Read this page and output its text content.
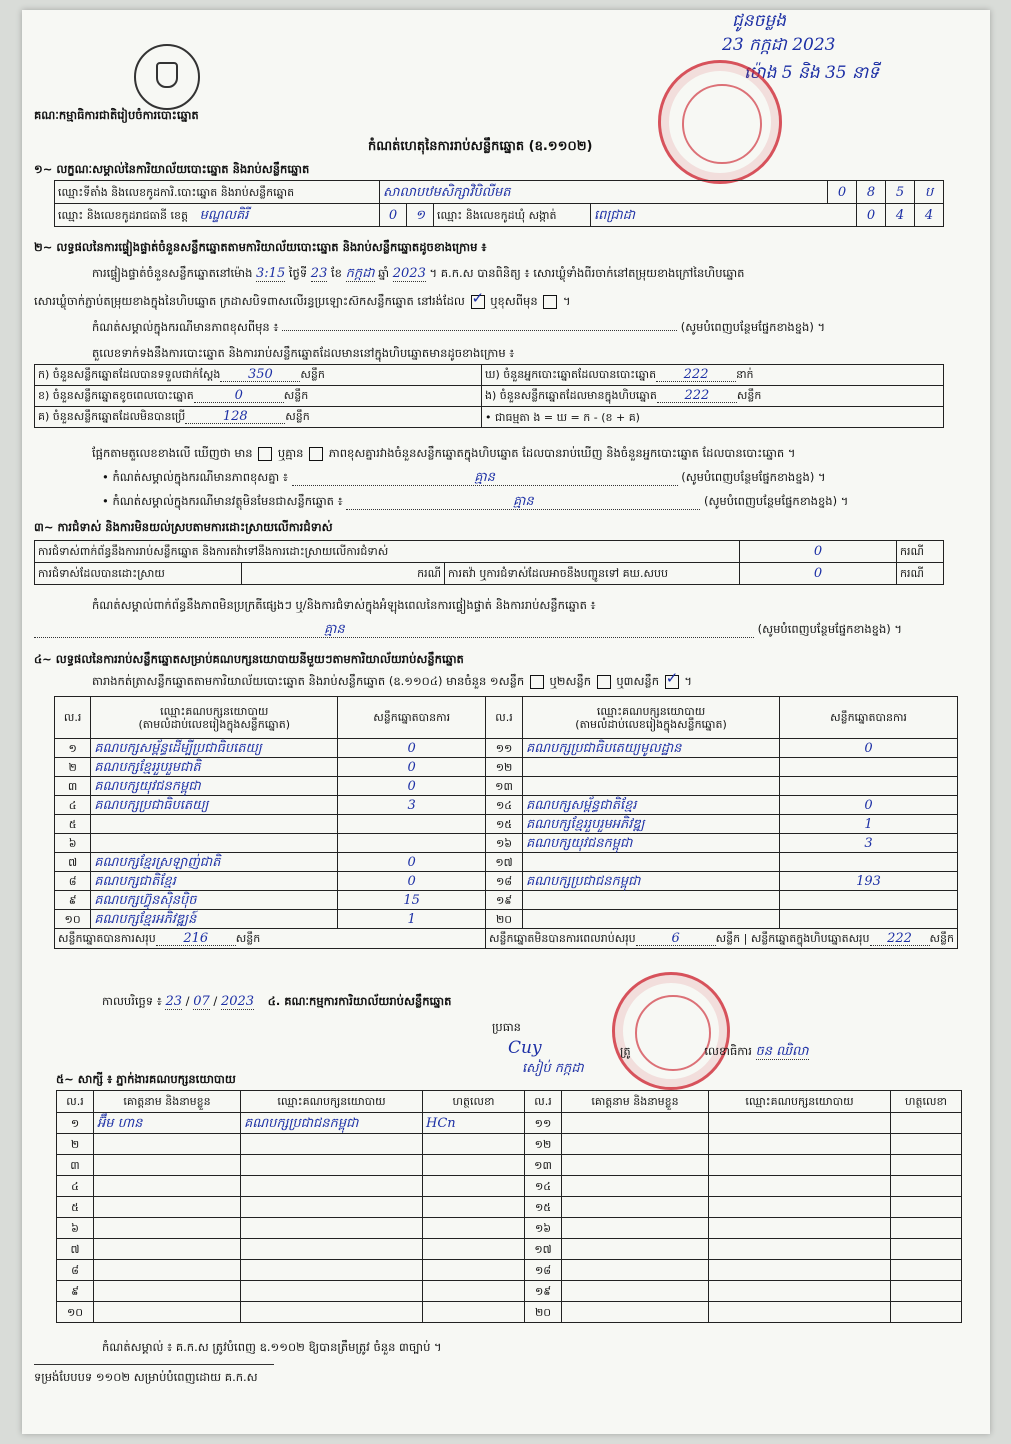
ជូនចម្លង
23 កក្កដា 2023
ម៉ោង 5 និង 35 នាទី
គណៈកម្មាធិការជាតិរៀបចំការបោះឆ្នោត
កំណត់ហេតុនៃការរាប់សន្លឹកឆ្នោត (ឧ.១១០២)
១~ លក្ខណៈសម្គាល់នៃការិយាល័យបោះឆ្នោត និងរាប់សន្លឹកឆ្នោត
ឈ្មោះទីតាំង និងលេខកូដការិ.បោះឆ្នោត និងរាប់សន្លឹកឆ្នោត	សាលាបឋមសិក្សាវិបិលីមត				0	8	5	ប
ឈ្មោះ និងលេខកូដរាជធានី ខេត្ត មណ្ឌលគិរី	0	១	ឈ្មោះ និងលេខកូដឃុំ សង្កាត់	ពេជ្រាដា		0	4	4
២~ លទ្ធផលនៃការផ្ទៀងផ្ទាត់ចំនួនសន្លឹកឆ្នោតតាមការិយាល័យបោះឆ្នោត និងរាប់សន្លឹកឆ្នោតដូចខាងក្រោម ៖
ការផ្ទៀងផ្ទាត់ចំនួនសន្លឹកឆ្នោតនៅម៉ោង 3:15 ថ្ងៃទី 23 ខែ កក្កដា ឆ្នាំ 2023 ។ គ.ក.ស បានពិនិត្យ ៖ សោរឃ្លុំទាំងពីរចាក់នៅតម្រុយខាងក្រៅនៃហិបឆ្នោត
សោរឃ្លុំចាក់ភ្ជាប់តម្រុយខាងក្នុងនៃហិបឆ្នោត ក្រដាសបិទពាសលើរន្ធប្រឡោះស៊កសន្លឹកឆ្នោត នៅរង់ដែល ✓ ឬខុសពីមុន  ។
កំណត់សម្គាល់ក្នុងករណីមានភាពខុសពីមុន ៖	(សូមបំពេញបន្ថែមផ្នែកខាងខ្នង) ។
តួលេខទាក់ទងនឹងការបោះឆ្នោត និងការរាប់សន្លឹកឆ្នោតដែលមាននៅក្នុងហិបឆ្នោតមានដូចខាងក្រោម ៖
ក) ចំនួនសន្លឹកឆ្នោតដែលបានទទួលជាក់ស្តែង 350 សន្លឹក	ឃ) ចំនួនអ្នកបោះឆ្នោតដែលបានបោះឆ្នោត 222 នាក់
ខ) ចំនួនសន្លឹកឆ្នោតខូចពេលបោះឆ្នោត 0 សន្លឹក	ង) ចំនួនសន្លឹកឆ្នោតដែលមានក្នុងហិបឆ្នោត 222 សន្លឹក
គ) ចំនួនសន្លឹកឆ្នោតដែលមិនបានប្រើ 128 សន្លឹក	• ជាធម្មតា ង = ឃ = ក - (ខ + គ)
ផ្អែកតាមតួលេខខាងលើ ឃើញថា មាន ឬគ្មាន ភាពខុសគ្នារវាងចំនួនសន្លឹកឆ្នោតក្នុងហិបឆ្នោត ដែលបានរាប់ឃើញ និងចំនួនអ្នកបោះឆ្នោត ដែលបានបោះឆ្នោត ។
• កំណត់សម្គាល់ក្នុងករណីមានភាពខុសគ្នា ៖	គ្មាន	(សូមបំពេញបន្ថែមផ្នែកខាងខ្នង) ។
• កំណត់សម្គាល់ក្នុងករណីមានវត្ថុមិនមែនជាសន្លឹកឆ្នោត ៖	គ្មាន	(សូមបំពេញបន្ថែមផ្នែកខាងខ្នង) ។
៣~ ការជំទាស់ និងការមិនយល់ស្របតាមការដោះស្រាយលើការជំទាស់
ការជំទាស់ពាក់ព័ន្ធនឹងការរាប់សន្លឹកឆ្នោត និងការតវ៉ាទៅនឹងការដោះស្រាយលើការជំទាស់			0	ករណី
ការជំទាស់ដែលបានដោះស្រាយ	ករណី	ការតវ៉ា ឬការជំទាស់ដែលអាចនឹងបញ្ជូនទៅ គឃ.សបប	0	ករណី
កំណត់សម្គាល់ពាក់ព័ន្ធនឹងភាពមិនប្រក្រតីផ្សេងៗ ឬ/និងការជំទាស់ក្នុងអំឡុងពេលនៃការផ្ទៀងផ្ទាត់ និងការរាប់សន្លឹកឆ្នោត ៖
គ្មាន	(សូមបំពេញបន្ថែមផ្នែកខាងខ្នង) ។
៤~ លទ្ធផលនៃការរាប់សន្លឹកឆ្នោតសម្រាប់គណបក្សនយោបាយនីមួយៗតាមការិយាល័យរាប់សន្លឹកឆ្នោត
តារាងកត់ត្រាសន្លឹកឆ្នោតតាមការិយាល័យបោះឆ្នោត និងរាប់សន្លឹកឆ្នោត (ឧ.១១០៤) មានចំនួន ១សន្លឹក ឬ២សន្លឹក ឬ៣សន្លឹក ✓ ។
ល.រ	ឈ្មោះគណបក្សនយោបាយ
(តាមលំដាប់លេខរៀងក្នុងសន្លឹកឆ្នោត)	សន្លឹកឆ្នោតបានការ	ល.រ	ឈ្មោះគណបក្សនយោបាយ
(តាមលំដាប់លេខរៀងក្នុងសន្លឹកឆ្នោត)	សន្លឹកឆ្នោតបានការ
១	គណបក្សសម្ព័ន្ធដើម្បីប្រជាធិបតេយ្យ	0	១១	គណបក្សប្រជាធិបតេយ្យមូលដ្ឋាន	0
២	គណបក្សខ្មែររួបរួមជាតិ	0	១២		
៣	គណបក្សយុវជនកម្ពុជា	0	១៣		
៤	គណបក្សប្រជាធិបតេយ្យ	3	១៤	គណបក្សសម្ព័ន្ធជាតិខ្មែរ	0
៥			១៥	គណបក្សខ្មែររួបរួមអភិវឌ្ឍ	1
៦			១៦	គណបក្សយុវជនកម្ពុជា	3
៧	គណបក្សខ្មែរស្រឡាញ់ជាតិ	0	១៧		
៨	គណបក្សជាតិខ្មែរ	0	១៨	គណបក្សប្រជាជនកម្ពុជា	193
៩	គណបក្សហ៊្វុនស៊ិនប៉ិច	15	១៩		
១០	គណបក្សខ្មែរអភិវឌ្ឍន៍	1	២០		
សន្លឹកឆ្នោតបានការសរុប 216 សន្លឹក			សន្លឹកឆ្នោតមិនបានការពេលរាប់សរុប 6 សន្លឹក | សន្លឹកឆ្នោតក្នុងហិបឆ្នោតសរុប 222 សន្លឹក		
កាលបរិច្ឆេទ ៖ 23 / 07 / 2023 ៤. គណៈកម្មការការិយាល័យរាប់សន្លឹកឆ្នោត
ប្រធាន
Cuy
សៀប់ កក្កដា
ត្រូ	លេខាធិការ ចន ឈិលា
៥~ សាក្សី ៖ ភ្នាក់ងារគណបក្សនយោបាយ
ល.រ	គោត្តនាម និងនាមខ្លួន	ឈ្មោះគណបក្សនយោបាយ	ហត្ថលេខា	ល.រ	គោត្តនាម និងនាមខ្លួន	ឈ្មោះគណបក្សនយោបាយ	ហត្ថលេខា
១	អ៊ឹម ហាន	គណបក្សប្រជាជនកម្ពុជា	HCn	១១			
២				១២			
៣				១៣			
៤				១៤			
៥				១៥			
៦				១៦			
៧				១៧			
៨				១៨			
៩				១៩			
១០				២០			
កំណត់សម្គាល់ ៖ គ.ក.ស ត្រូវបំពេញ ឧ.១១០២ ឱ្យបានត្រឹមត្រូវ ចំនួន ៣ច្បាប់ ។
ទម្រង់បែបបទ ១១០២ សម្រាប់បំពេញដោយ គ.ក.ស
